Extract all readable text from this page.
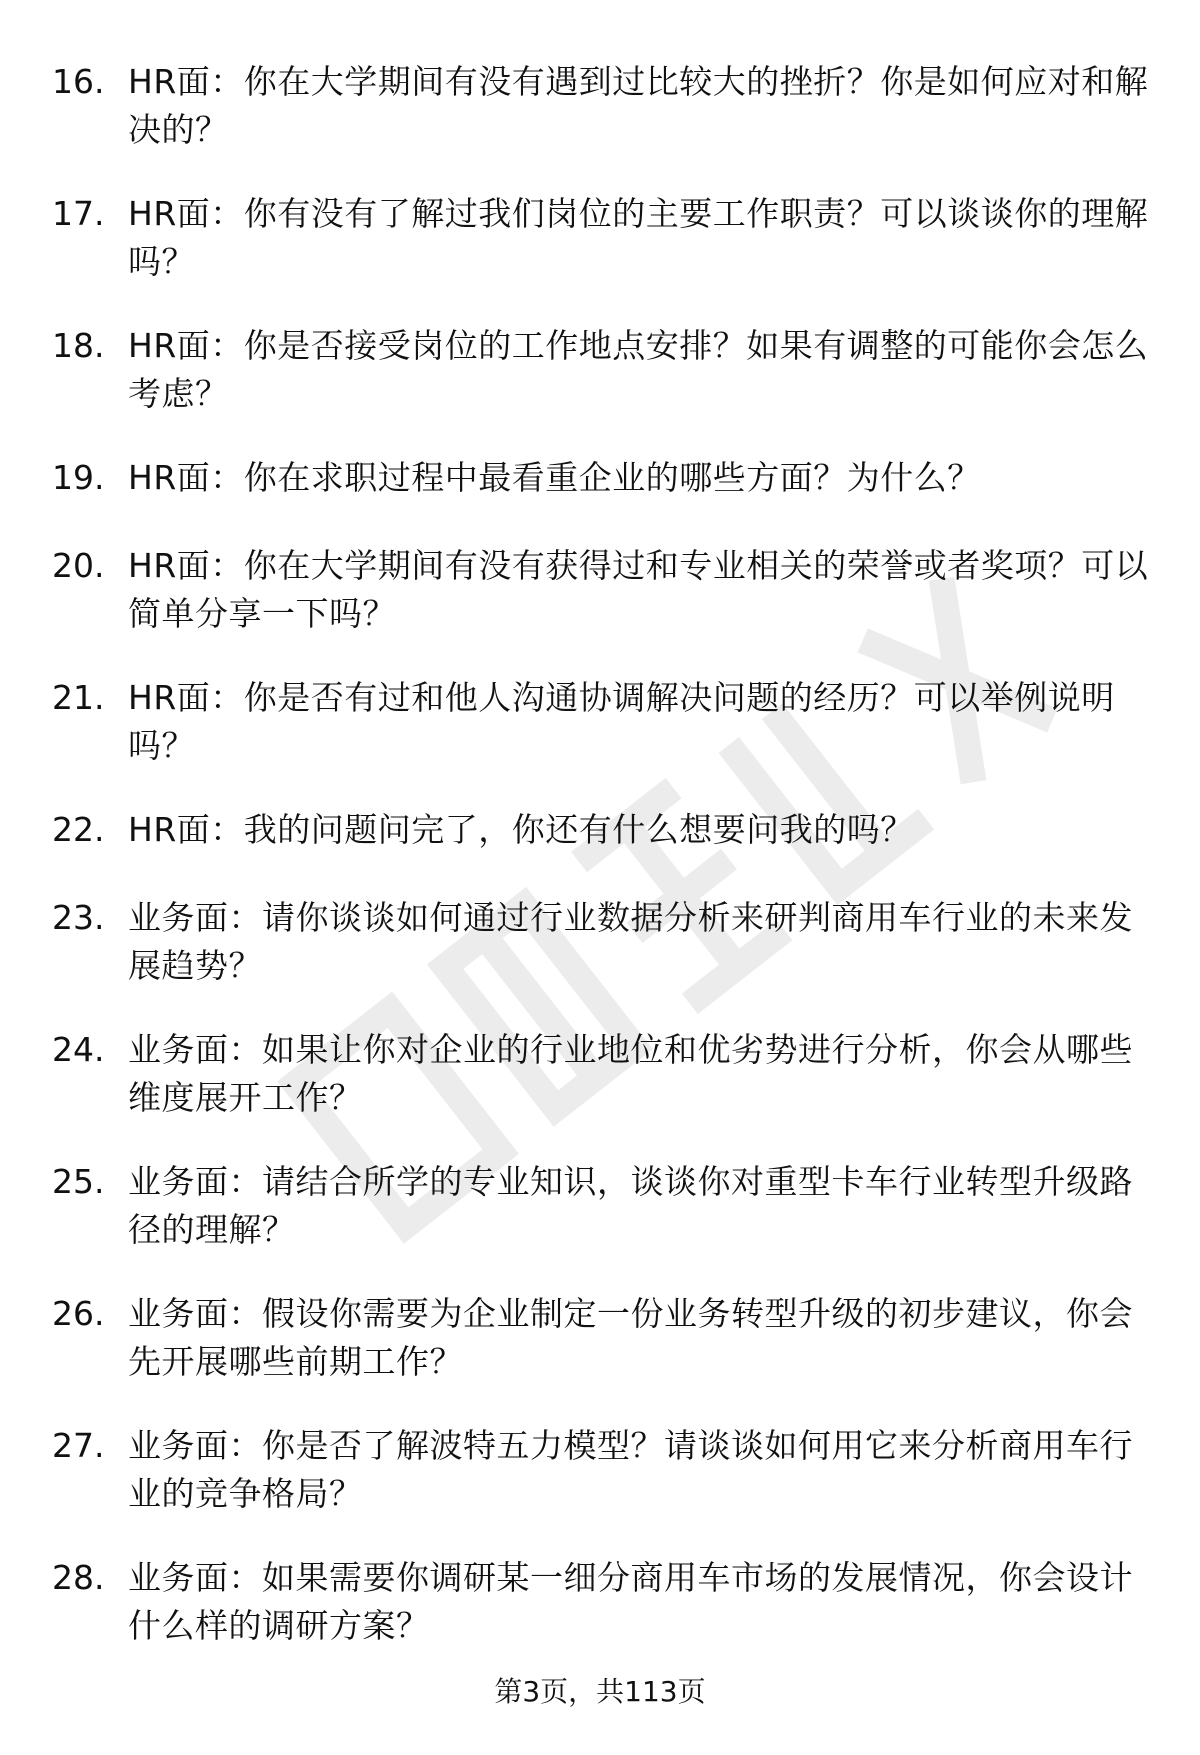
16. HR面：你在大学期间有没有遇到过比较大的挫折？你是如何应对和解决的？
17. HR面：你有没有了解过我们岗位的主要工作职责？可以谈谈你的理解吗？
18. HR面：你是否接受岗位的工作地点安排？如果有调整的可能你会怎么考虑？
19. HR面：你在求职过程中最看重企业的哪些方面？为什么？
20. HR面：你在大学期间有没有获得过和专业相关的荣誉或者奖项？可以简单分享一下吗？
21. HR面：你是否有过和他人沟通协调解决问题的经历？可以举例说明吗？
22. HR面：我的问题问完了，你还有什么想要问我的吗？
23. 业务面：请你谈谈如何通过行业数据分析来研判商用车行业的未来发展趋势？
24. 业务面：如果让你对企业的行业地位和优劣势进行分析，你会从哪些维度展开工作？
25. 业务面：请结合所学的专业知识，谈谈你对重型卡车行业转型升级路径的理解？
26. 业务面：假设你需要为企业制定一份业务转型升级的初步建议，你会先开展哪些前期工作？
27. 业务面：你是否了解波特五力模型？请谈谈如何用它来分析商用车行业的竞争格局？
28. 业务面：如果需要你调研某一细分商用车市场的发展情况，你会设计什么样的调研方案？
第3页，共113页
